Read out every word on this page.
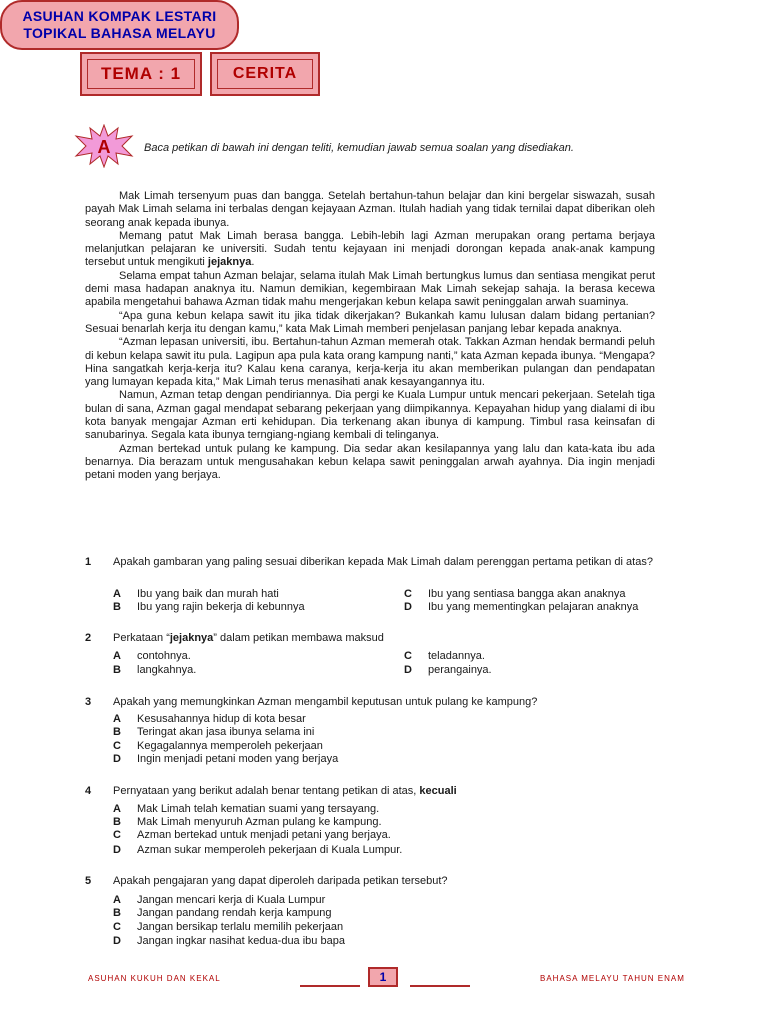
TEMA : 1	CERITA
ASUHAN KOMPAK LESTARI
TOPIKAL BAHASA MELAYU
A	Baca petikan di bawah ini dengan teliti, kemudian jawab semua soalan yang disediakan.

Mak Limah tersenyum puas dan bangga. Setelah bertahun-tahun belajar dan kini bergelar siswazah, susah payah Mak Limah selama ini terbalas dengan kejayaan Azman. Itulah hadiah yang tidak ternilai dapat diberikan oleh seorang anak kepada ibunya.

Memang patut Mak Limah berasa bangga. Lebih-lebih lagi Azman merupakan orang pertama berjaya melanjutkan pelajaran ke universiti. Sudah tentu kejayaan ini menjadi dorongan kepada anak-anak kampung tersebut untuk mengikuti jejaknya.

Selama empat tahun Azman belajar, selama itulah Mak Limah bertungkus lumus dan sentiasa mengikat perut demi masa hadapan anaknya itu. Namun demikian, kegembiraan Mak Limah sekejap sahaja. Ia berasa kecewa apabila mengetahui bahawa Azman tidak mahu mengerjakan kebun kelapa sawit peninggalan arwah suaminya.

“Apa guna kebun kelapa sawit itu jika tidak dikerjakan? Bukankah kamu lulusan dalam bidang pertanian? Sesuai benarlah kerja itu dengan kamu,” kata Mak Limah memberi penjelasan panjang lebar kepada anaknya.

“Azman lepasan universiti, ibu. Bertahun-tahun Azman memerah otak. Takkan Azman hendak bermandi peluh di kebun kelapa sawit itu pula. Lagipun apa pula kata orang kampung nanti,” kata Azman kepada ibunya. “Mengapa? Hina sangatkah kerja-kerja itu? Kalau kena caranya, kerja-kerja itu akan memberikan pulangan dan pendapatan yang lumayan kepada kita,” Mak Limah terus menasihati anak kesayangannya itu.

Namun, Azman tetap dengan pendiriannya. Dia pergi ke Kuala Lumpur untuk mencari pekerjaan. Setelah tiga bulan di sana, Azman gagal mendapat sebarang pekerjaan yang diimpikannya. Kepayahan hidup yang dialami di ibu kota banyak mengajar Azman erti kehidupan. Dia terkenang akan ibunya di kampung. Timbul rasa keinsafan di sanubarinya. Segala kata ibunya terngiang-ngiang kembali di telinganya.

Azman bertekad untuk pulang ke kampung. Dia sedar akan kesilapannya yang lalu dan kata-kata ibu ada benarnya. Dia berazam untuk mengusahakan kebun kelapa sawit peninggalan arwah ayahnya. Dia ingin menjadi petani moden yang berjaya.

1 Apakah gambaran yang paling sesuai diberikan kepada Mak Limah dalam perenggan pertama petikan di atas?
A Ibu yang baik dan murah hati
B Ibu yang rajin bekerja di kebunnya
C Ibu yang sentiasa bangga akan anaknya
D Ibu yang mementingkan pelajaran anaknya
2 Perkataan “jejaknya” dalam petikan membawa maksud
A contohnya.
B langkahnya.
C teladannya.
D perangainya.
3 Apakah yang memungkinkan Azman mengambil keputusan untuk pulang ke kampung?
A Kesusahannya hidup di kota besar
B Teringat akan jasa ibunya selama ini
C Kegagalannya memperoleh pekerjaan
D Ingin menjadi petani moden yang berjaya
4 Pernyataan yang berikut adalah benar tentang petikan di atas, kecuali
A Mak Limah telah kematian suami yang tersayang.
B Mak Limah menyuruh Azman pulang ke kampung.
C Azman bertekad untuk menjadi petani yang berjaya.
D Azman sukar memperoleh pekerjaan di Kuala Lumpur.
5 Apakah pengajaran yang dapat diperoleh daripada petikan tersebut?
A Jangan mencari kerja di Kuala Lumpur
B Jangan pandang rendah kerja kampung
C Jangan bersikap terlalu memilih pekerjaan
D Jangan ingkar nasihat kedua-dua ibu bapa
ASUHAN KUKUH DAN KEKAL	1	BAHASA MELAYU TAHUN ENAM
